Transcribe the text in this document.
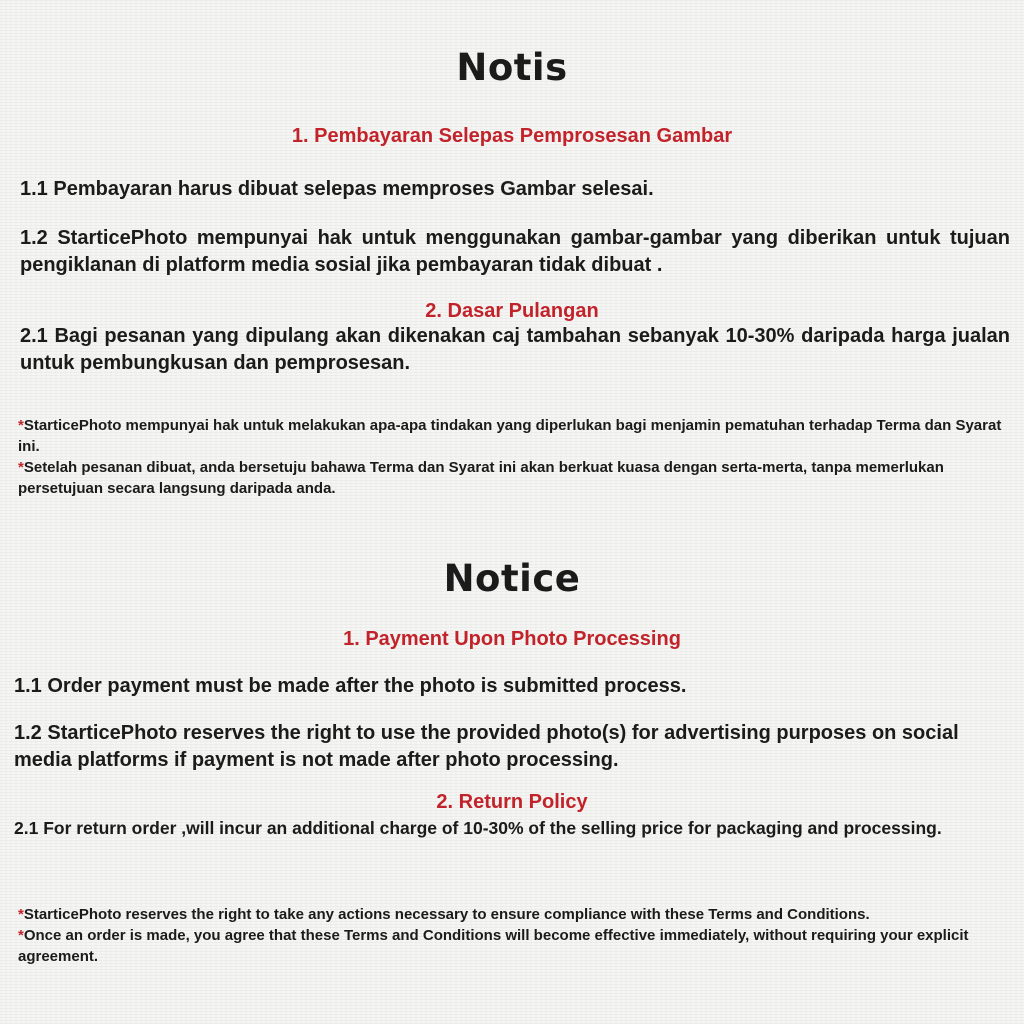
Notis
1. Pembayaran Selepas Pemprosesan Gambar
1.1 Pembayaran harus dibuat selepas memproses Gambar selesai.
1.2 StarticePhoto mempunyai hak untuk menggunakan gambar-gambar yang diberikan untuk tujuan pengiklanan di platform media sosial jika pembayaran tidak dibuat .
2. Dasar Pulangan
2.1 Bagi pesanan yang dipulang akan dikenakan caj tambahan sebanyak 10-30% daripada harga jualan untuk pembungkusan dan pemprosesan.
*StarticePhoto mempunyai hak untuk melakukan apa-apa tindakan yang diperlukan bagi menjamin pematuhan terhadap Terma dan Syarat ini.
*Setelah pesanan dibuat, anda bersetuju bahawa Terma dan Syarat ini akan berkuat kuasa dengan serta-merta, tanpa memerlukan persetujuan secara langsung daripada anda.
Notice
1. Payment Upon Photo Processing
1.1 Order payment must be made after the photo is submitted process.
1.2 StarticePhoto reserves the right to use the provided photo(s) for advertising purposes on social media platforms if payment is not made after photo processing.
2. Return Policy
2.1 For return order ,will incur an additional charge of 10-30% of the selling price for packaging and processing.
*StarticePhoto reserves the right to take any actions necessary to ensure compliance with these Terms and Conditions.
*Once an order is made, you agree that these Terms and Conditions will become effective immediately, without requiring your explicit agreement.
